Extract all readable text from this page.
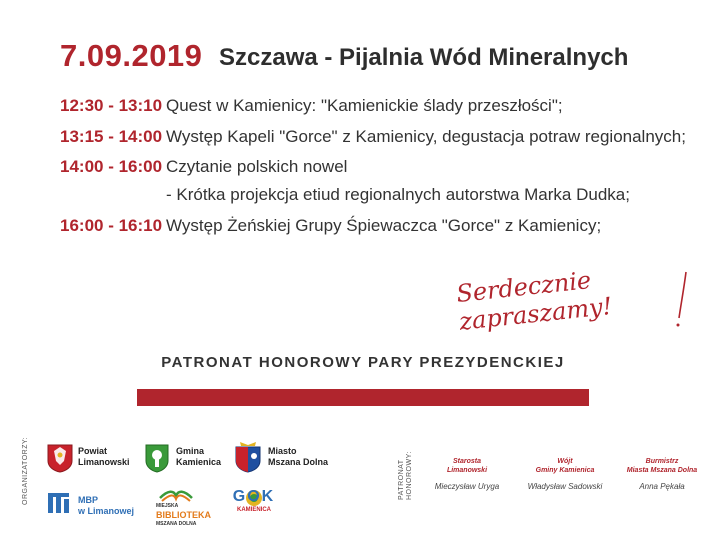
7.09.2019 Szczawa - Pijalnia Wód Mineralnych
12:30 - 13:10 Quest w Kamienicy: "Kamienickie ślady przeszłości";
13:15 - 14:00 Występ Kapeli "Gorce" z Kamienicy, degustacja potraw regionalnych;
14:00 - 16:00 Czytanie polskich nowel
- Krótka projekcja etiud regionalnych autorstwa Marka Dudka;
16:00 - 16:10 Występ Żeńskiej Grupy Śpiewaczca "Gorce" z Kamienicy;
Serdecznie zapraszamy!
PATRONAT HONOROWY PARY PREZYDENCKIEJ
ORGANIZATORZY:	Powiat
Limanowski
Gmina
Kamienica
Miasto
Mszana Dolna
MBP
w Limanowej	MIEJSKA
BIBLIOTEKA
MSZANA DOLNA
GOK
KAMIENICA
PATRONAT
HONOROWY:	Starosta
Limanowski
Mieczysław Uryga
Wójt
Gminy Kamienica
Władysław Sadowski
Burmistrz
Miasta Mszana Dolna
Anna Pękała
